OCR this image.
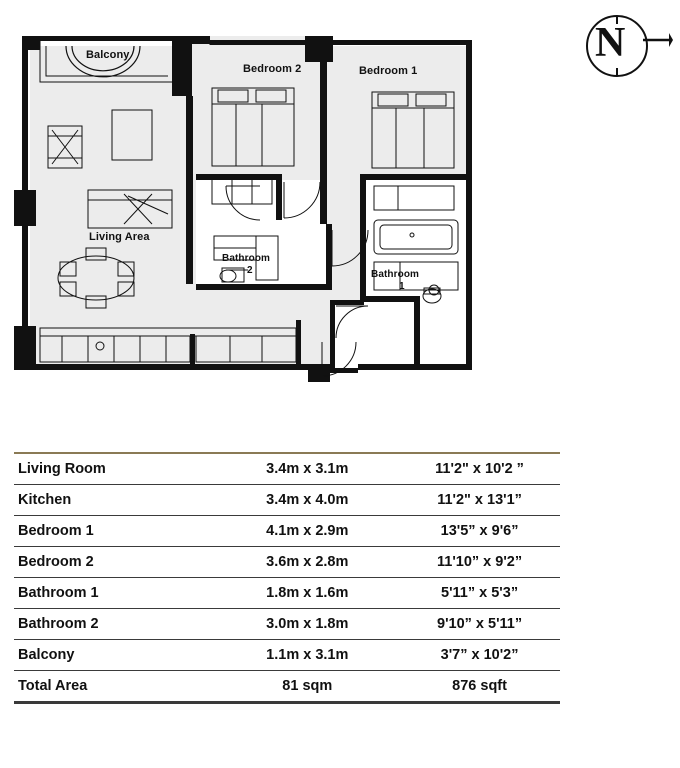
Balcony
Bedroom 2	Bedroom 1
Living Area
Bathroom
2	Bathroom
1
N
Living Room	3.4m x 3.1m	11'2" x 10'2 ”
Kitchen	3.4m x 4.0m	11'2" x 13'1”
Bedroom 1	4.1m x 2.9m	13'5” x 9'6”
Bedroom 2	3.6m x 2.8m	11'10” x 9'2”
Bathroom 1	1.8m x 1.6m	5'11” x 5'3”
Bathroom 2	3.0m x 1.8m	9'10” x 5'11”
Balcony	1.1m x 3.1m	3'7” x 10'2”
Total Area	81 sqm	876 sqft
